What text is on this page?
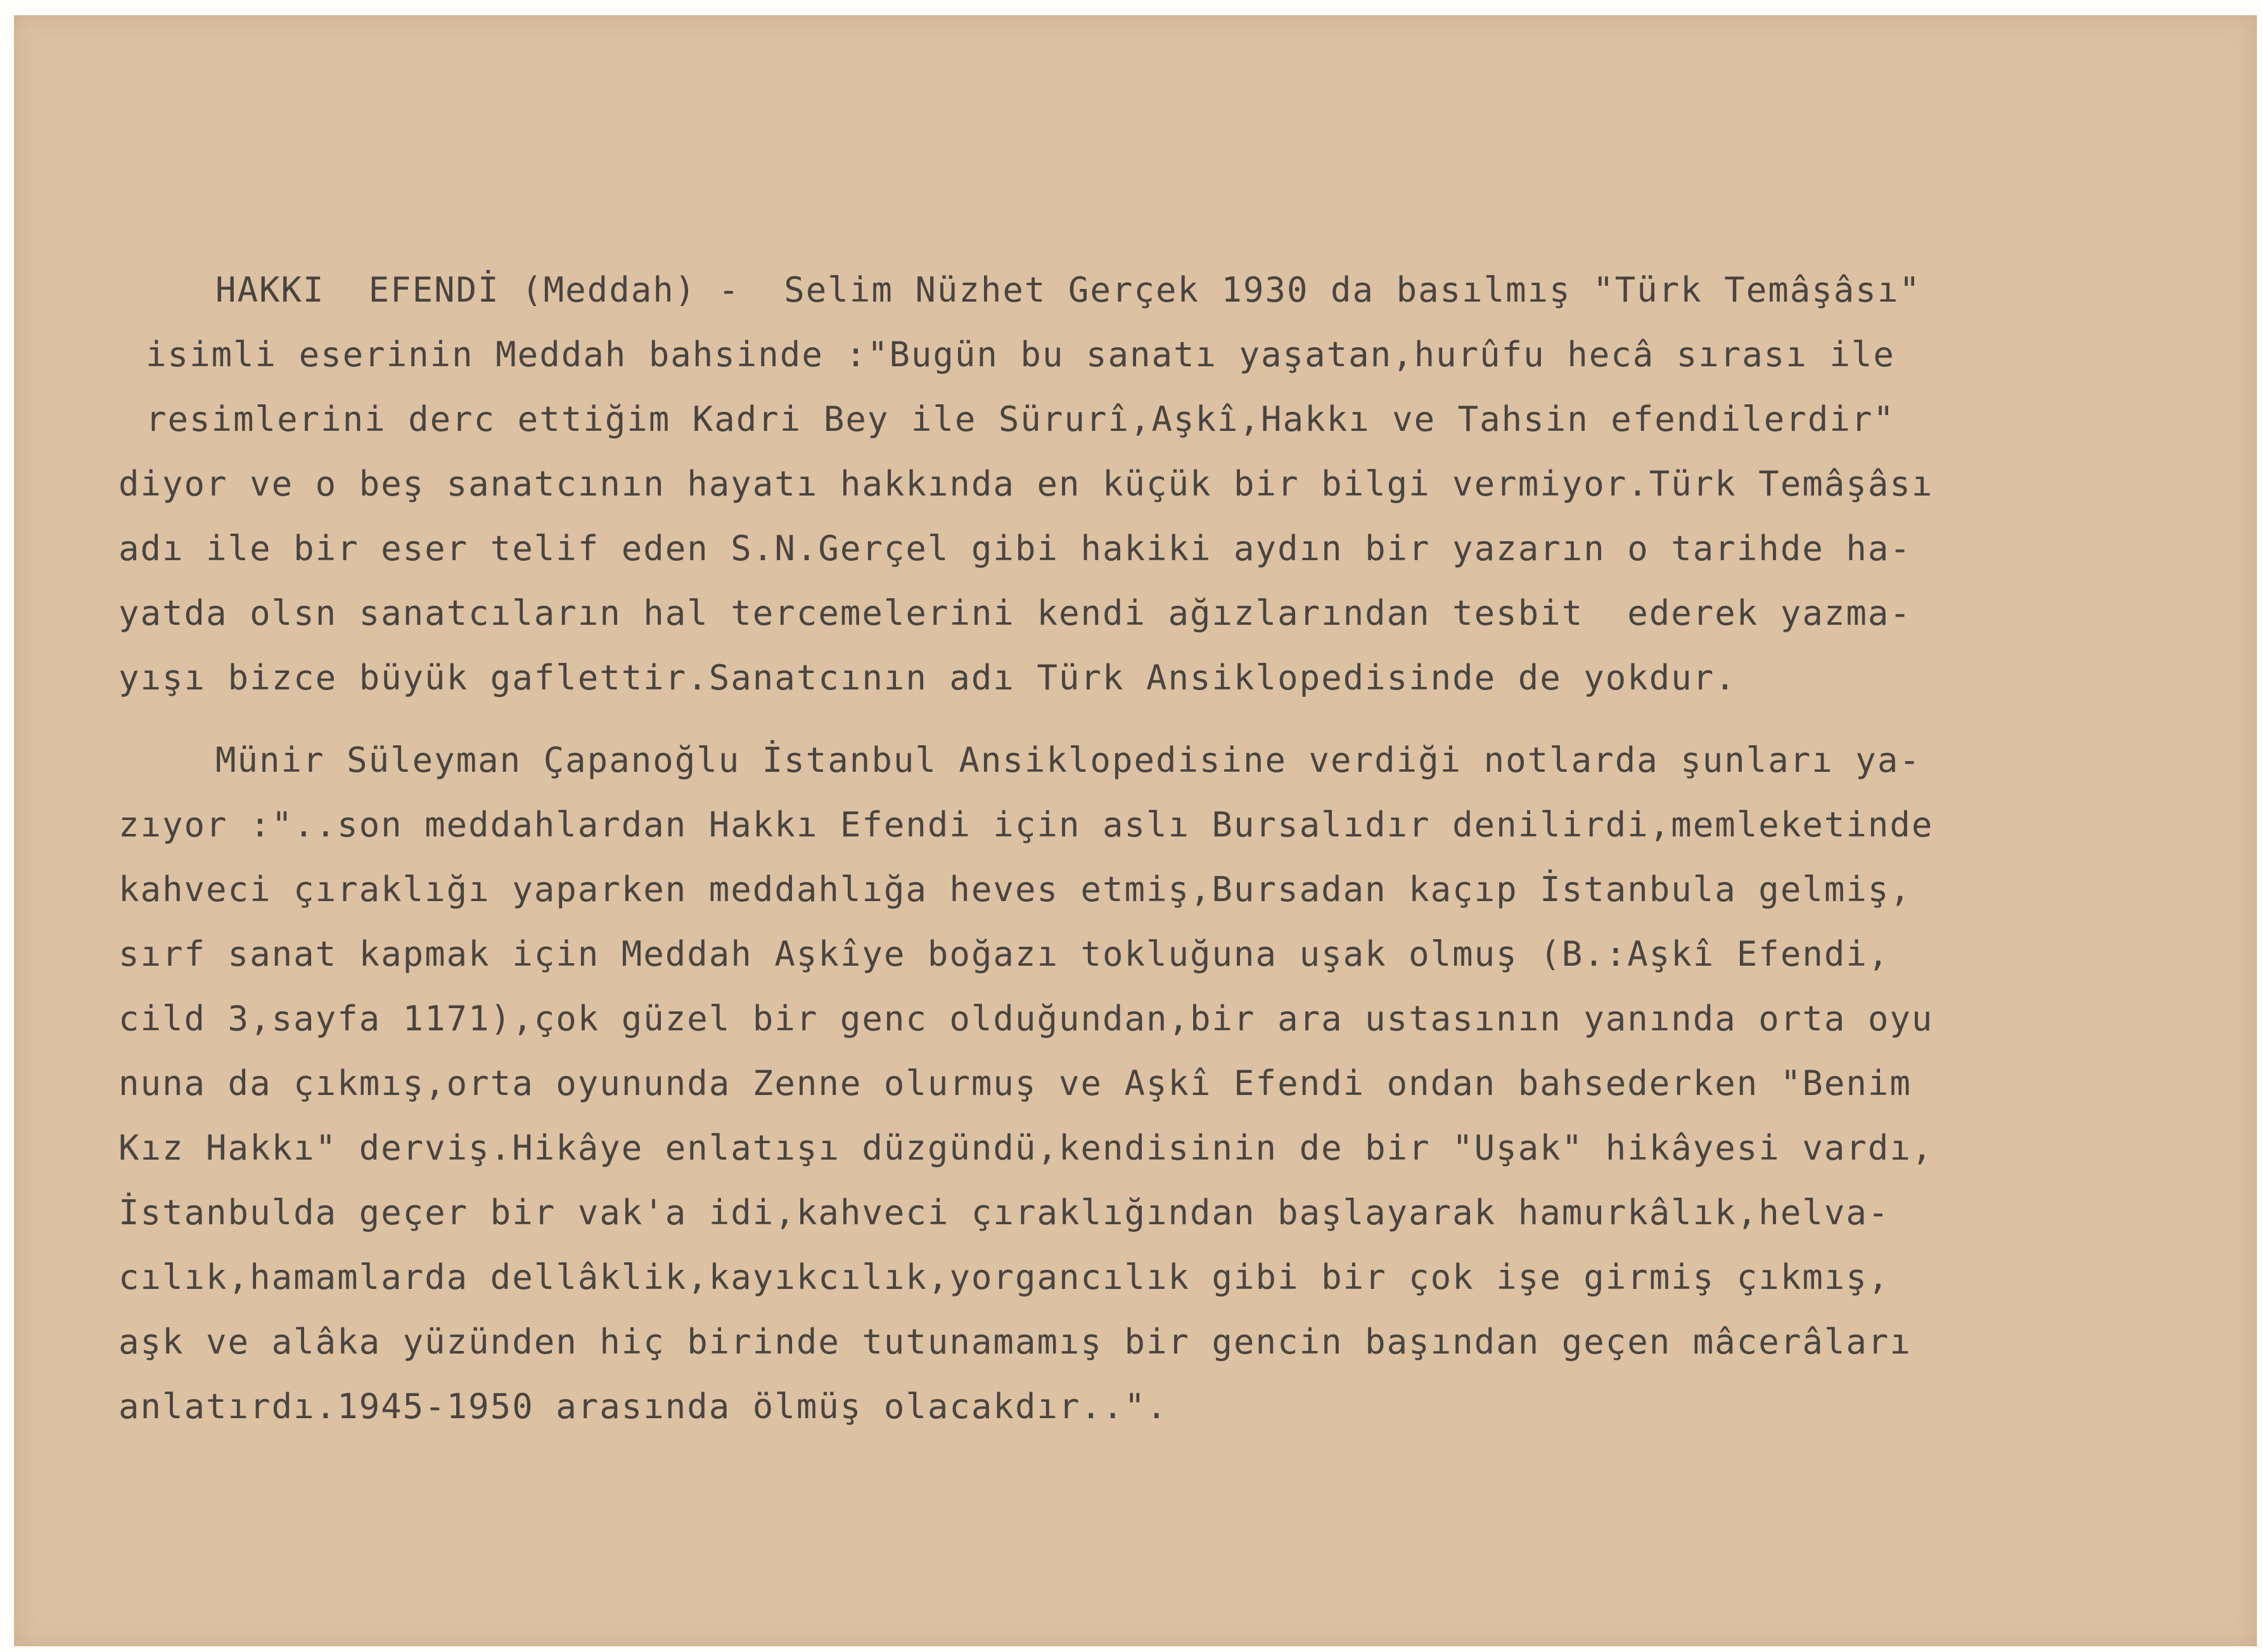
HAKKI  EFENDİ (Meddah) -  Selim Nüzhet Gerçek 1930 da basılmış "Türk Temâşâsı"
isimli eserinin Meddah bahsinde :"Bugün bu sanatı yaşatan,hurûfu hecâ sırası ile
resimlerini derc ettiğim Kadri Bey ile Sürurî,Aşkî,Hakkı ve Tahsin efendilerdir"
diyor ve o beş sanatcının hayatı hakkında en küçük bir bilgi vermiyor.Türk Temâşâsı
adı ile bir eser telif eden S.N.Gerçel gibi hakiki aydın bir yazarın o tarihde ha-
yatda olsn sanatcıların hal tercemelerini kendi ağızlarından tesbit  ederek yazma-
yışı bizce büyük gaflettir.Sanatcının adı Türk Ansiklopedisinde de yokdur.
Münir Süleyman Çapanoğlu İstanbul Ansiklopedisine verdiği notlarda şunları ya-
zıyor :"..son meddahlardan Hakkı Efendi için aslı Bursalıdır denilirdi,memleketinde
kahveci çıraklığı yaparken meddahlığa heves etmiş,Bursadan kaçıp İstanbula gelmiş,
sırf sanat kapmak için Meddah Aşkîye boğazı tokluğuna uşak olmuş (B.:Aşkî Efendi,
cild 3,sayfa 1171),çok güzel bir genc olduğundan,bir ara ustasının yanında orta oyu
nuna da çıkmış,orta oyununda Zenne olurmuş ve Aşkî Efendi ondan bahsederken "Benim
Kız Hakkı" derviş.Hikâye enlatışı düzgündü,kendisinin de bir "Uşak" hikâyesi vardı,
İstanbulda geçer bir vak'a idi,kahveci çıraklığından başlayarak hamurkâlık,helva-
cılık,hamamlarda dellâklik,kayıkcılık,yorgancılık gibi bir çok işe girmiş çıkmış,
aşk ve alâka yüzünden hiç birinde tutunamamış bir gencin başından geçen mâcerâları
anlatırdı.1945-1950 arasında ölmüş olacakdır..".
